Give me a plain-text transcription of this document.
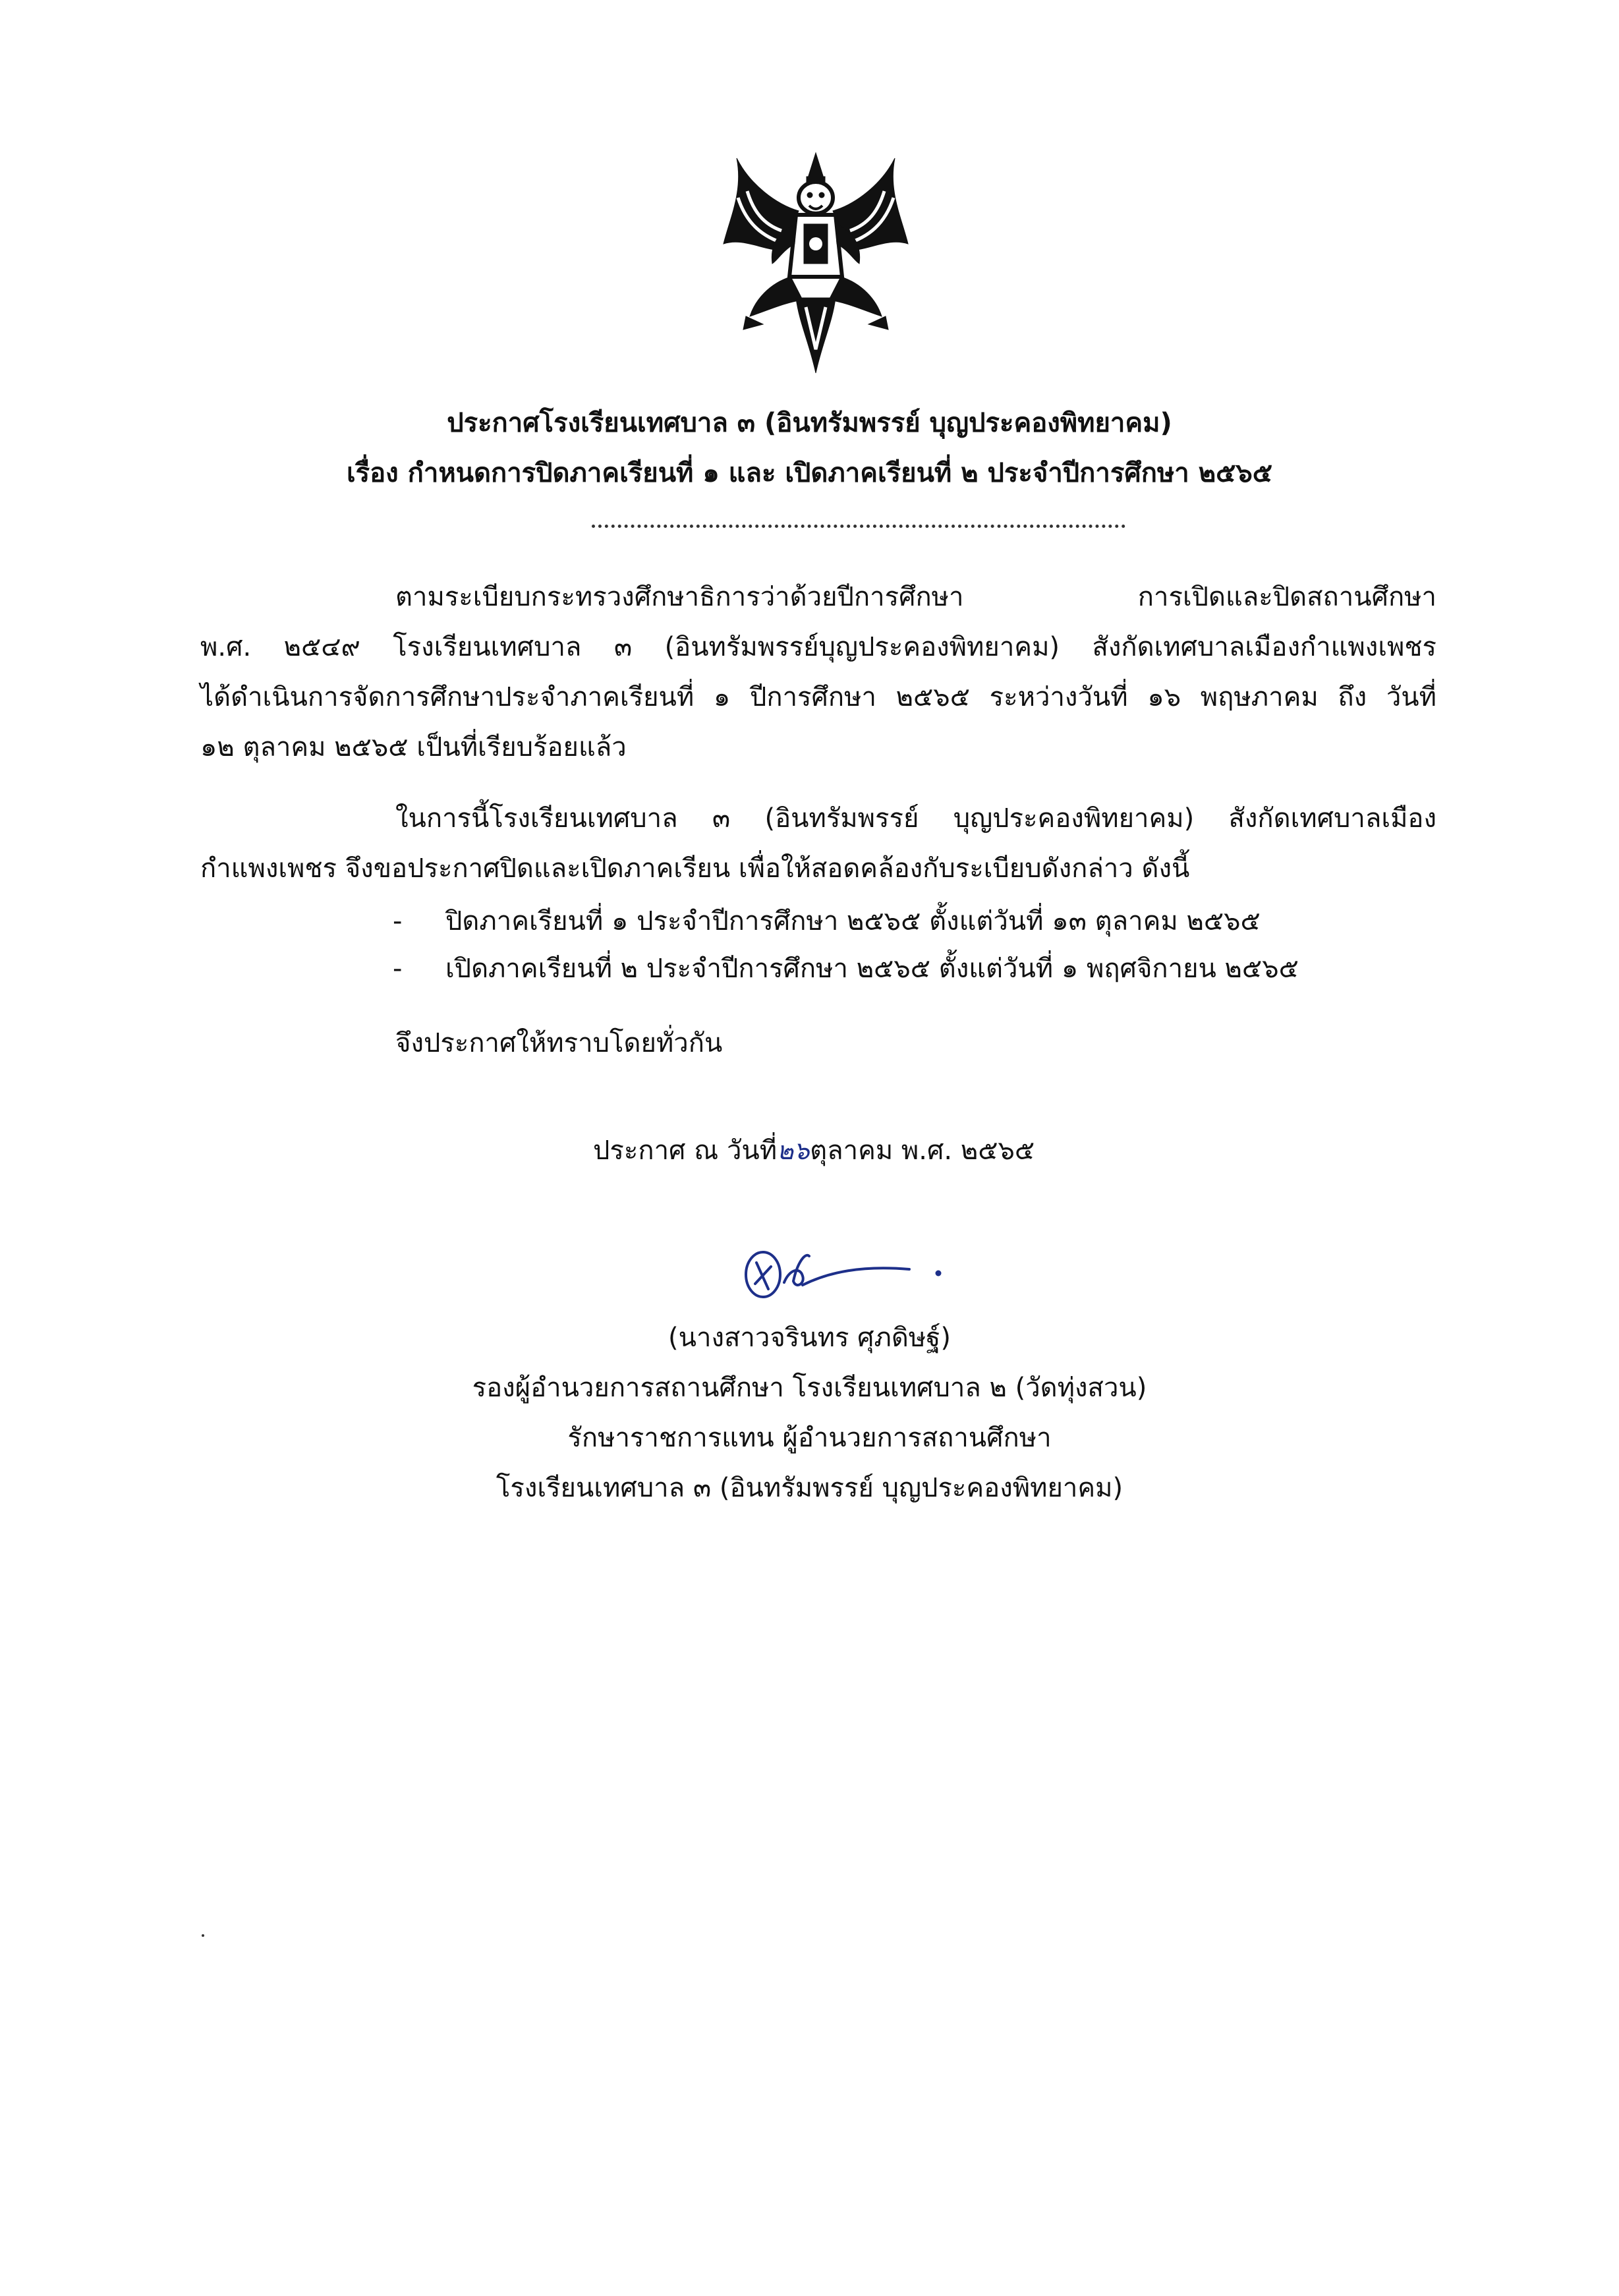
ประกาศโรงเรียนเทศบาล ๓ (อินทรัมพรรย์ บุญประคองพิทยาคม)
เรื่อง กำหนดการปิดภาคเรียนที่ ๑ และ เปิดภาคเรียนที่ ๒ ประจำปีการศึกษา ๒๕๖๕
ตามระเบียบกระทรวงศึกษาธิการว่าด้วยปีการศึกษา การเปิดและปิดสถานศึกษา
พ.ศ. ๒๕๔๙ โรงเรียนเทศบาล ๓ (อินทรัมพรรย์บุญประคองพิทยาคม) สังกัดเทศบาลเมืองกำแพงเพชร
ได้ดำเนินการจัดการศึกษาประจำภาคเรียนที่ ๑ ปีการศึกษา ๒๕๖๕ ระหว่างวันที่ ๑๖ พฤษภาคม ถึง วันที่
๑๒ ตุลาคม ๒๕๖๕ เป็นที่เรียบร้อยแล้ว
ในการนี้โรงเรียนเทศบาล ๓ (อินทรัมพรรย์ บุญประคองพิทยาคม) สังกัดเทศบาลเมือง
กำแพงเพชร จึงขอประกาศปิดและเปิดภาคเรียน เพื่อให้สอดคล้องกับระเบียบดังกล่าว ดังนี้
- ปิดภาคเรียนที่ ๑ ประจำปีการศึกษา ๒๕๖๕ ตั้งแต่วันที่ ๑๓ ตุลาคม ๒๕๖๕
- เปิดภาคเรียนที่ ๒ ประจำปีการศึกษา ๒๕๖๕ ตั้งแต่วันที่ ๑ พฤศจิกายน ๒๕๖๕
จึงประกาศให้ทราบโดยทั่วกัน
ประกาศ ณ วันที่๒๖ตุลาคม พ.ศ. ๒๕๖๕
(นางสาวจรินทร ศุภดิษฐ์)
รองผู้อำนวยการสถานศึกษา โรงเรียนเทศบาล ๒ (วัดทุ่งสวน)
รักษาราชการแทน ผู้อำนวยการสถานศึกษา
โรงเรียนเทศบาล ๓ (อินทรัมพรรย์ บุญประคองพิทยาคม)
